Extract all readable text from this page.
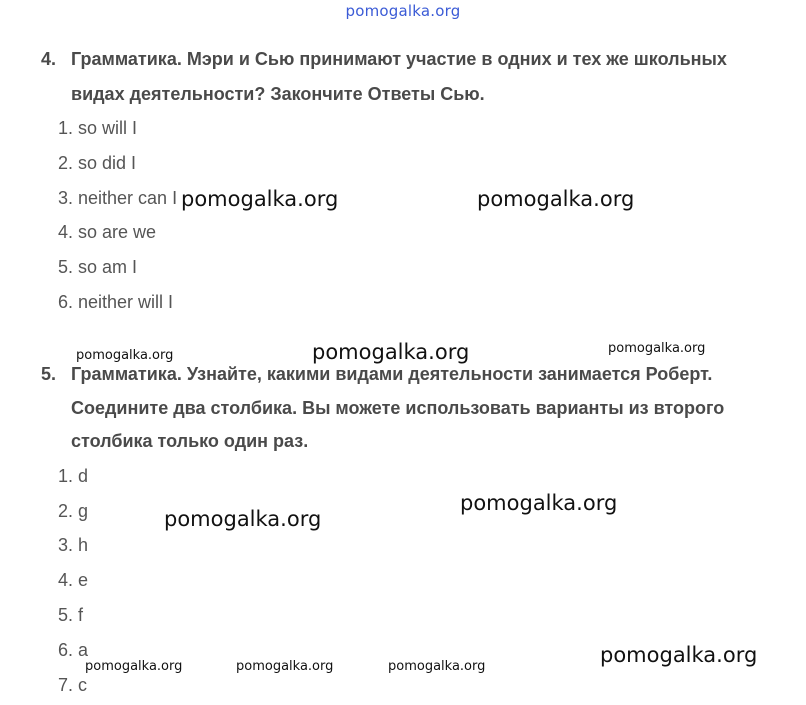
pomogalka.org
4. Грамматика. Мэри и Сью принимают участие в одних и тех же школьных
видах деятельности? Закончите Ответы Сью.
1. so will I
2. so did I
3. neither can I
4. so are we
5. so am I
6. neither will I
5. Грамматика. Узнайте, какими видами деятельности занимается Роберт.
Соедините два столбика. Вы можете использовать варианты из второго
столбика только один раз.
1. d
2. g
3. h
4. e
5. f
6. a
7. c
pomogalka.org	pomogalka.org
pomogalka.org	pomogalka.org	pomogalka.org
pomogalka.org
pomogalka.org
pomogalka.org
pomogalka.org	pomogalka.org	pomogalka.org
